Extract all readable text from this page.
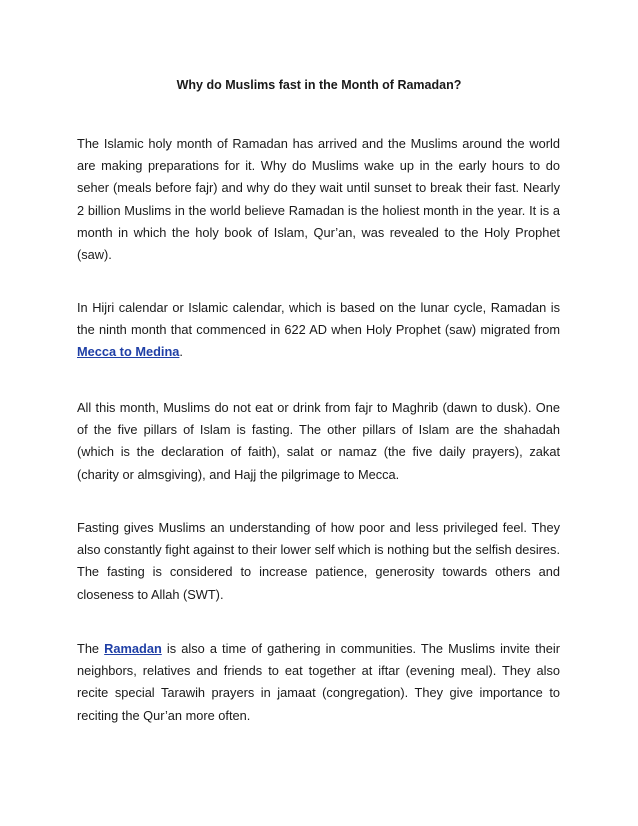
Why do Muslims fast in the Month of Ramadan?

The Islamic holy month of Ramadan has arrived and the Muslims around the world are making preparations for it. Why do Muslims wake up in the early hours to do seher (meals before fajr) and why do they wait until sunset to break their fast. Nearly 2 billion Muslims in the world believe Ramadan is the holiest month in the year. It is a month in which the holy book of Islam, Qur’an, was revealed to the Holy Prophet (saw).

In Hijri calendar or Islamic calendar, which is based on the lunar cycle, Ramadan is the ninth month that commenced in 622 AD when Holy Prophet (saw) migrated from Mecca to Medina.

All this month, Muslims do not eat or drink from fajr to Maghrib (dawn to dusk). One of the five pillars of Islam is fasting. The other pillars of Islam are the shahadah (which is the declaration of faith), salat or namaz (the five daily prayers), zakat (charity or almsgiving), and Hajj the pilgrimage to Mecca.

Fasting gives Muslims an understanding of how poor and less privileged feel. They also constantly fight against to their lower self which is nothing but the selfish desires. The fasting is considered to increase patience, generosity towards others and closeness to Allah (SWT).

The Ramadan is also a time of gathering in communities. The Muslims invite their neighbors, relatives and friends to eat together at iftar (evening meal). They also recite special Tarawih prayers in jamaat (congregation). They give importance to reciting the Qur’an more often.
